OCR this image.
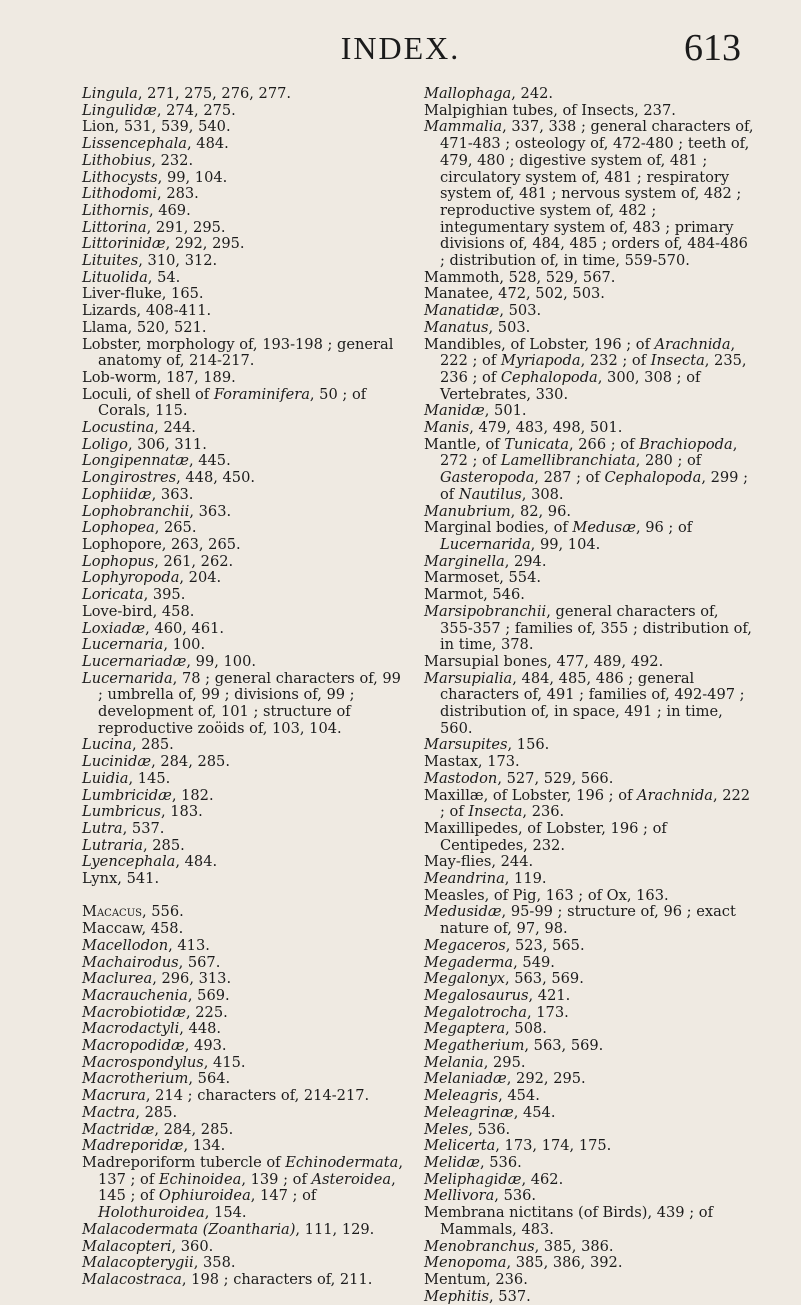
INDEX.	613

Lingula, 271, 275, 276, 277.

Lingulidæ, 274, 275.

Lion, 531, 539, 540.

Lissencephala, 484.

Lithobius, 232.

Lithocysts, 99, 104.

Lithodomi, 283.

Lithornis, 469.

Littorina, 291, 295.

Littorinidæ, 292, 295.

Lituites, 310, 312.

Lituolida, 54.

Liver-fluke, 165.

Lizards, 408-411.

Llama, 520, 521.

Lobster, morphology of, 193-198 ; general anatomy of, 214-217.

Lob-worm, 187, 189.

Loculi, of shell of Foraminifera, 50 ; of Corals, 115.

Locustina, 244.

Loligo, 306, 311.

Longipennatæ, 445.

Longirostres, 448, 450.

Lophiidæ, 363.

Lophobranchii, 363.

Lophopea, 265.

Lophopore, 263, 265.

Lophopus, 261, 262.

Lophyropoda, 204.

Loricata, 395.

Love-bird, 458.

Loxiadæ, 460, 461.

Lucernaria, 100.

Lucernariadæ, 99, 100.

Lucernarida, 78 ; general characters of, 99 ; umbrella of, 99 ; divisions of, 99 ; development of, 101 ; structure of reproductive zoöids of, 103, 104.

Lucina, 285.

Lucinidæ, 284, 285.

Luidia, 145.

Lumbricidæ, 182.

Lumbricus, 183.

Lutra, 537.

Lutraria, 285.

Lyencephala, 484.

Lynx, 541.

Macacus, 556.

Maccaw, 458.

Macellodon, 413.

Machairodus, 567.

Maclurea, 296, 313.

Macrauchenia, 569.

Macrobiotidæ, 225.

Macrodactyli, 448.

Macropodidæ, 493.

Macrospondylus, 415.

Macrotherium, 564.

Macrura, 214 ; characters of, 214-217.

Mactra, 285.

Mactridæ, 284, 285.

Madreporidæ, 134.

Madreporiform tubercle of Echinodermata, 137 ; of Echinoidea, 139 ; of Asteroidea, 145 ; of Ophiuroidea, 147 ; of Holothuroidea, 154.

Malacodermata (Zoantharia), 111, 129.

Malacopteri, 360.

Malacopterygii, 358.

Malacostraca, 198 ; characters of, 211.

Mallophaga, 242.

Malpighian tubes, of Insects, 237.

Mammalia, 337, 338 ; general characters of, 471-483 ; osteology of, 472-480 ; teeth of, 479, 480 ; digestive system of, 481 ; circulatory system of, 481 ; respiratory system of, 481 ; nervous system of, 482 ; reproductive system of, 482 ; integumentary system of, 483 ; primary divisions of, 484, 485 ; orders of, 484-486 ; distribution of, in time, 559-570.

Mammoth, 528, 529, 567.

Manatee, 472, 502, 503.

Manatidæ, 503.

Manatus, 503.

Mandibles, of Lobster, 196 ; of Arachnida, 222 ; of Myriapoda, 232 ; of Insecta, 235, 236 ; of Cephalopoda, 300, 308 ; of Vertebrates, 330.

Manidæ, 501.

Manis, 479, 483, 498, 501.

Mantle, of Tunicata, 266 ; of Brachiopoda, 272 ; of Lamellibranchiata, 280 ; of Gasteropoda, 287 ; of Cephalopoda, 299 ; of Nautilus, 308.

Manubrium, 82, 96.

Marginal bodies, of Medusæ, 96 ; of Lucernarida, 99, 104.

Marginella, 294.

Marmoset, 554.

Marmot, 546.

Marsipobranchii, general characters of, 355-357 ; families of, 355 ; distribution of, in time, 378.

Marsupial bones, 477, 489, 492.

Marsupialia, 484, 485, 486 ; general characters of, 491 ; families of, 492-497 ; distribution of, in space, 491 ; in time, 560.

Marsupites, 156.

Mastax, 173.

Mastodon, 527, 529, 566.

Maxillæ, of Lobster, 196 ; of Arachnida, 222 ; of Insecta, 236.

Maxillipedes, of Lobster, 196 ; of Centipedes, 232.

May-flies, 244.

Meandrina, 119.

Measles, of Pig, 163 ; of Ox, 163.

Medusidæ, 95-99 ; structure of, 96 ; exact nature of, 97, 98.

Megaceros, 523, 565.

Megaderma, 549.

Megalonyx, 563, 569.

Megalosaurus, 421.

Megalotrocha, 173.

Megaptera, 508.

Megatherium, 563, 569.

Melania, 295.

Melaniadæ, 292, 295.

Meleagris, 454.

Meleagrinæ, 454.

Meles, 536.

Melicerta, 173, 174, 175.

Melidæ, 536.

Meliphagidæ, 462.

Mellivora, 536.

Membrana nictitans (of Birds), 439 ; of Mammals, 483.

Menobranchus, 385, 386.

Menopoma, 385, 386, 392.

Mentum, 236.

Mephitis, 537.
